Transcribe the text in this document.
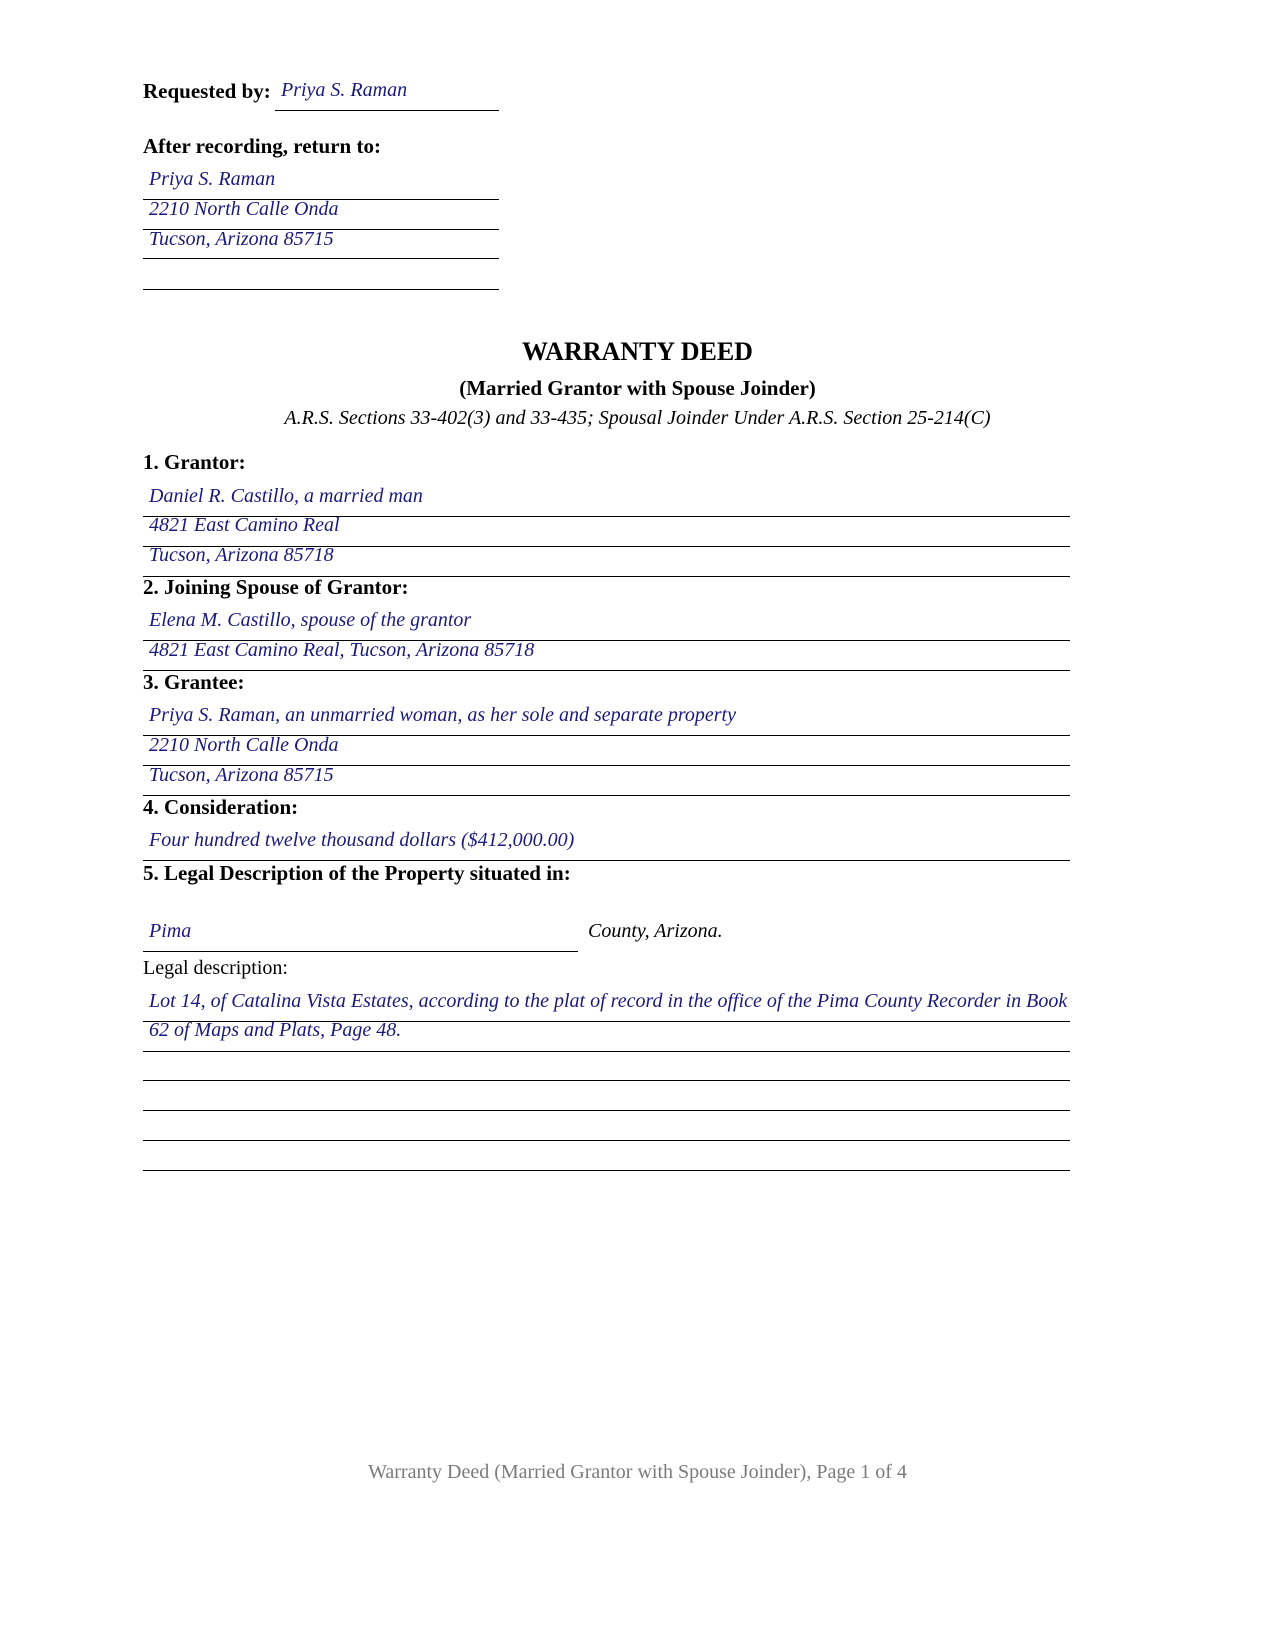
Requested by: Priya S. Raman
After recording, return to:
Priya S. Raman
2210 North Calle Onda
Tucson, Arizona 85715
WARRANTY DEED
(Married Grantor with Spouse Joinder)
A.R.S. Sections 33-402(3) and 33-435; Spousal Joinder Under A.R.S. Section 25-214(C)
1. Grantor:
Daniel R. Castillo, a married man
4821 East Camino Real
Tucson, Arizona 85718
2. Joining Spouse of Grantor:
Elena M. Castillo, spouse of the grantor
4821 East Camino Real, Tucson, Arizona 85718
3. Grantee:
Priya S. Raman, an unmarried woman, as her sole and separate property
2210 North Calle Onda
Tucson, Arizona 85715
4. Consideration:
Four hundred twelve thousand dollars ($412,000.00)
5. Legal Description of the Property situated in:
Pima	County, Arizona.
Legal description:
Lot 14, of Catalina Vista Estates, according to the plat of record in the office of the Pima County Recorder in Book
62 of Maps and Plats, Page 48.
Warranty Deed (Married Grantor with Spouse Joinder), Page 1 of 4
